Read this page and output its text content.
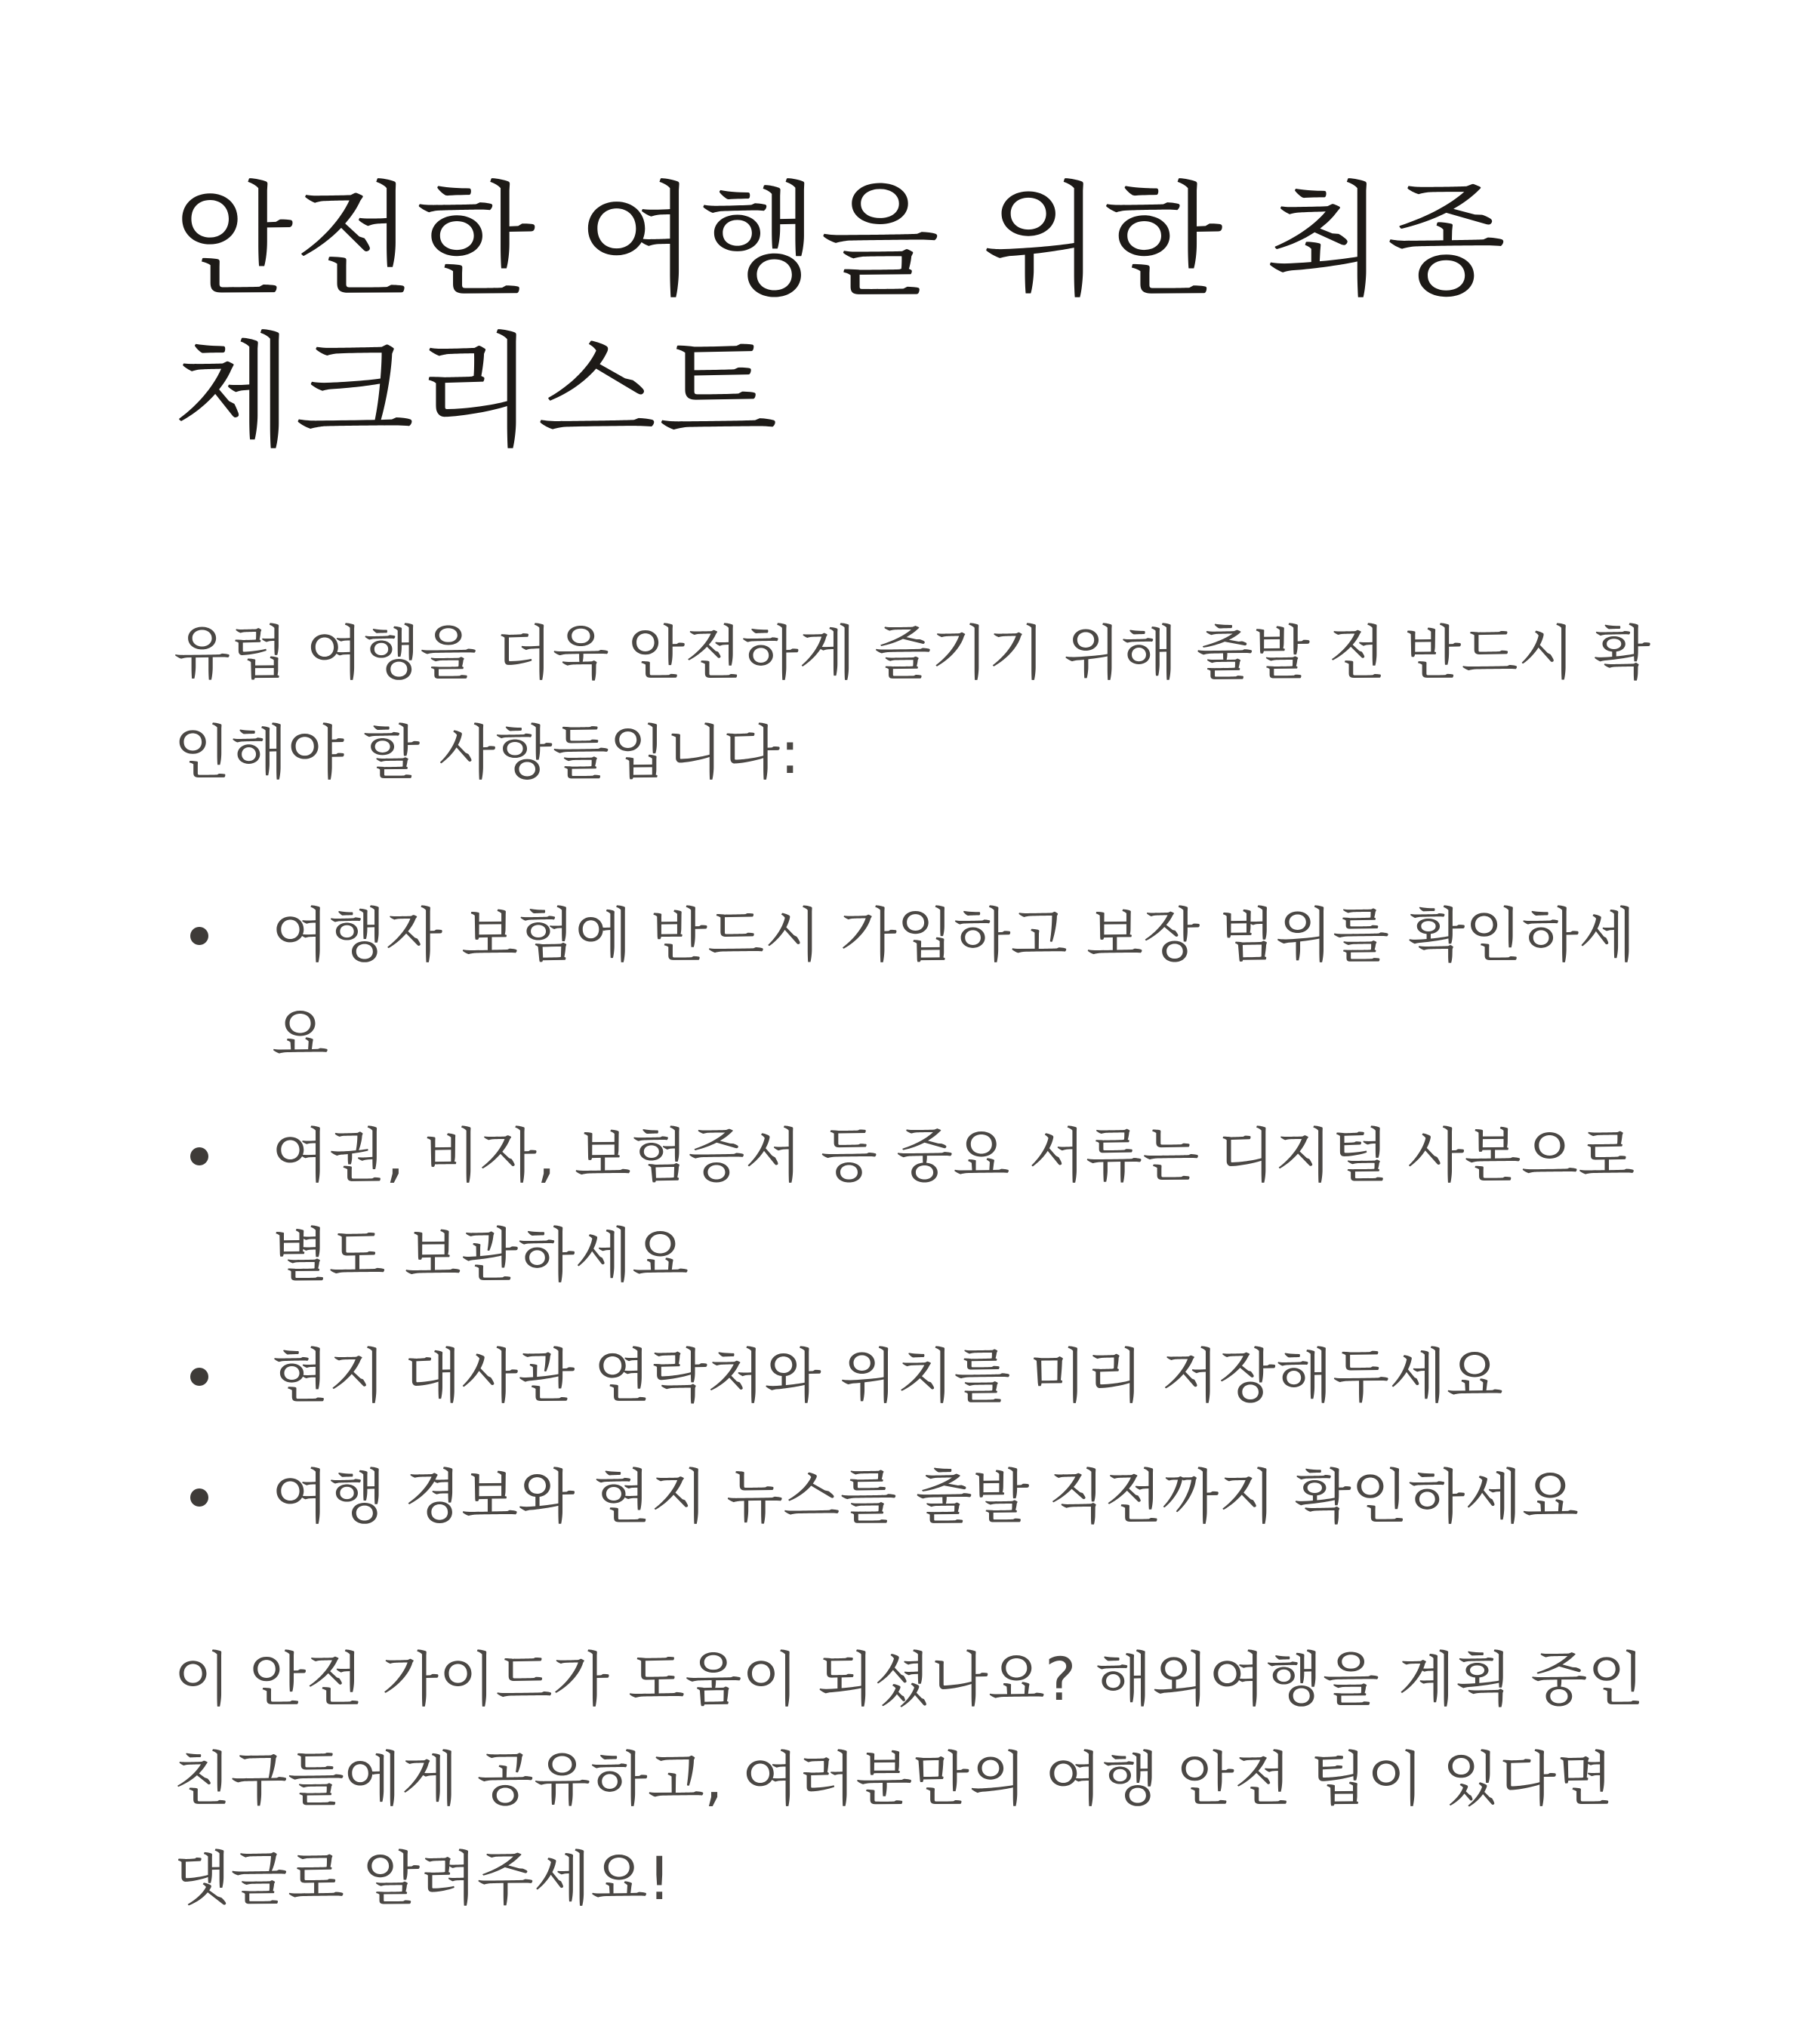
안전한 여행을 위한 최종 체크리스트

유럽 여행을 더욱 안전하게 즐기기 위해 출발 전 반드시 확인해야 할 사항들입니다:

여행자 보험에 반드시 가입하고 보장 범위를 확인하세요
여권, 비자, 보험증서 등 중요 서류는 디지털 사본으로 별도 보관하세요
현지 대사관 연락처와 위치를 미리 저장해두세요
여행 경보와 현지 뉴스를 출발 직전까지 확인하세요

이 안전 가이드가 도움이 되셨나요? 해외여행을 계획 중인 친구들에게 공유하고, 여러분만의 여행 안전 팁이 있다면 댓글로 알려주세요!
